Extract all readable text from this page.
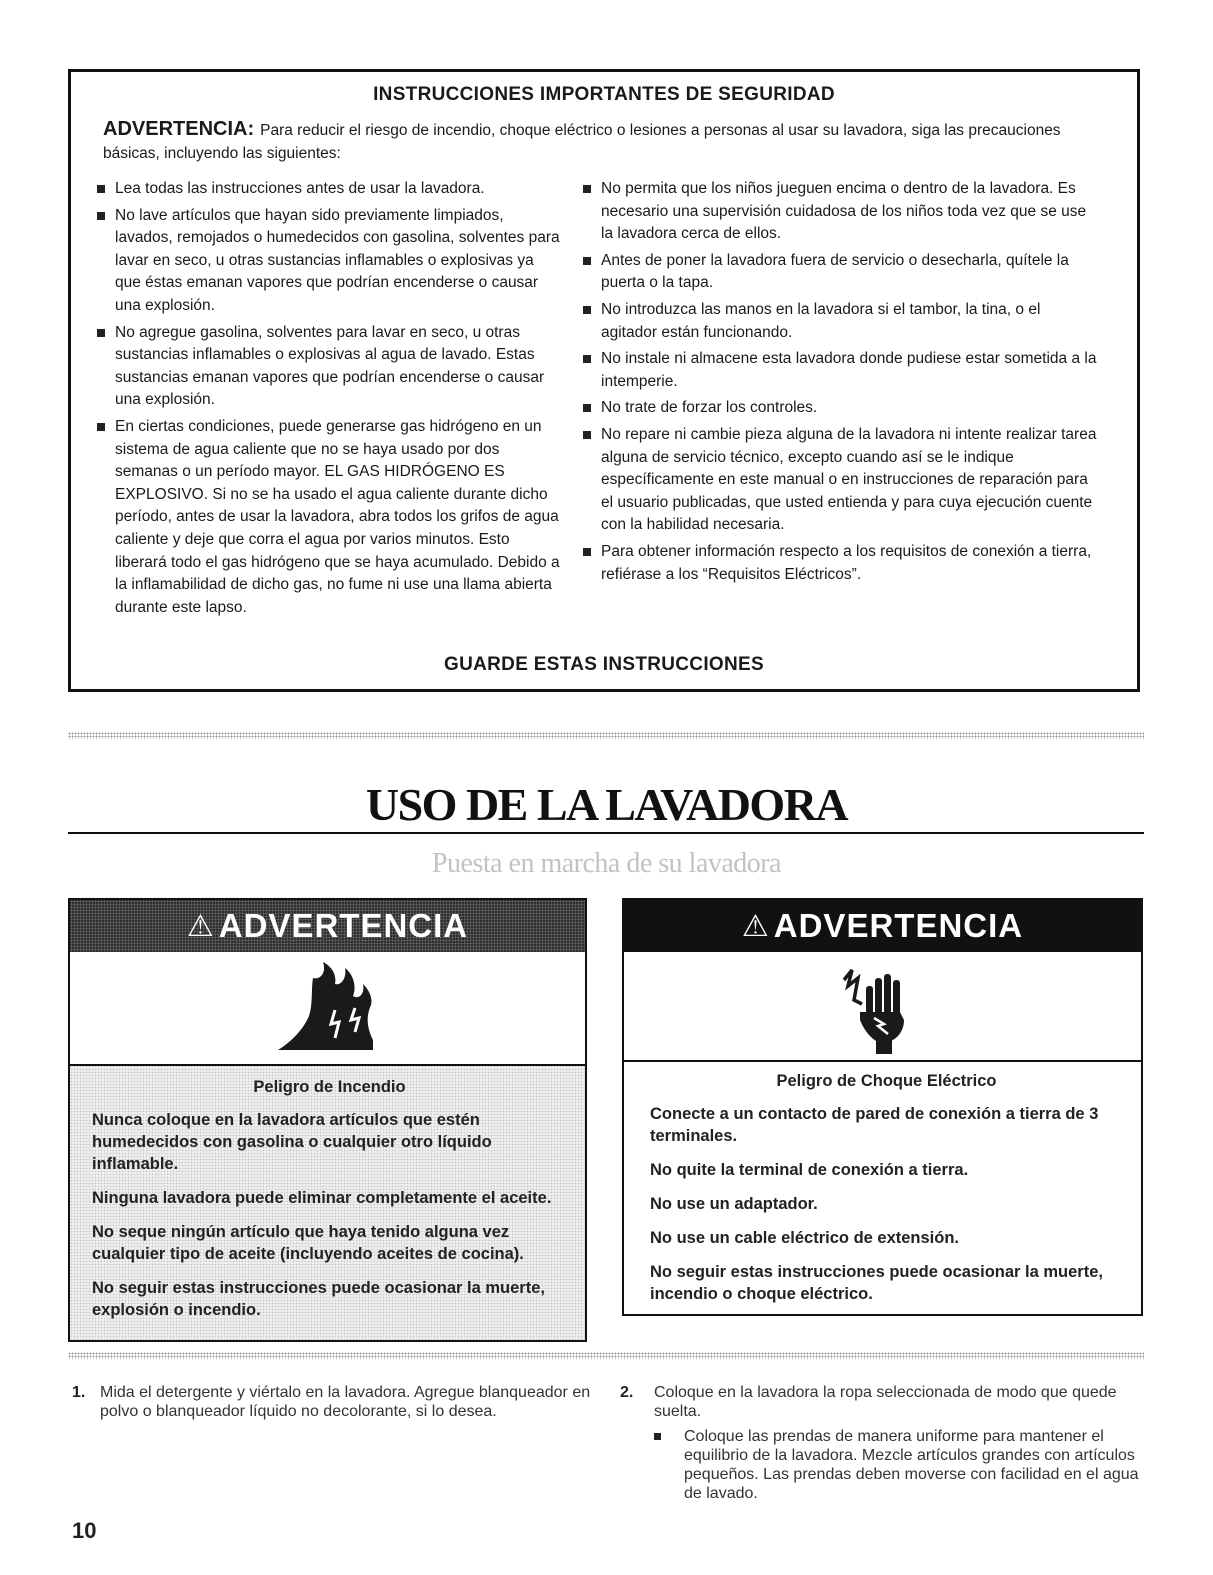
INSTRUCCIONES IMPORTANTES DE SEGURIDAD
ADVERTENCIA: Para reducir el riesgo de incendio, choque eléctrico o lesiones a personas al usar su lavadora, siga las precauciones básicas, incluyendo las siguientes:
Lea todas las instrucciones antes de usar la lavadora.
No lave artículos que hayan sido previamente limpiados, lavados, remojados o humedecidos con gasolina, solventes para lavar en seco, u otras sustancias inflamables o explosivas ya que éstas emanan vapores que podrían encenderse o causar una explosión.
No agregue gasolina, solventes para lavar en seco, u otras sustancias inflamables o explosivas al agua de lavado. Estas sustancias emanan vapores que podrían encenderse o causar una explosión.
En ciertas condiciones, puede generarse gas hidrógeno en un sistema de agua caliente que no se haya usado por dos semanas o un período mayor. EL GAS HIDRÓGENO ES EXPLOSIVO. Si no se ha usado el agua caliente durante dicho período, antes de usar la lavadora, abra todos los grifos de agua caliente y deje que corra el agua por varios minutos. Esto liberará todo el gas hidrógeno que se haya acumulado. Debido a la inflamabilidad de dicho gas, no fume ni use una llama abierta durante este lapso.
No permita que los niños jueguen encima o dentro de la lavadora. Es necesario una supervisión cuidadosa de los niños toda vez que se use la lavadora cerca de ellos.
Antes de poner la lavadora fuera de servicio o desecharla, quítele la puerta o la tapa.
No introduzca las manos en la lavadora si el tambor, la tina, o el agitador están funcionando.
No instale ni almacene esta lavadora donde pudiese estar sometida a la intemperie.
No trate de forzar los controles.
No repare ni cambie pieza alguna de la lavadora ni intente realizar tarea alguna de servicio técnico, excepto cuando así se le indique específicamente en este manual o en instrucciones de reparación para el usuario publicadas, que usted entienda y para cuya ejecución cuente con la habilidad necesaria.
Para obtener información respecto a los requisitos de conexión a tierra, refiérase a los “Requisitos Eléctricos”.
GUARDE ESTAS INSTRUCCIONES
USO DE LA LAVADORA
Puesta en marcha de su lavadora
⚠ ADVERTENCIA
Peligro de Incendio
Nunca coloque en la lavadora artículos que estén humedecidos con gasolina o cualquier otro líquido inflamable.
Ninguna lavadora puede eliminar completamente el aceite.
No seque ningún artículo que haya tenido alguna vez cualquier tipo de aceite (incluyendo aceites de cocina).
No seguir estas instrucciones puede ocasionar la muerte, explosión o incendio.
⚠ ADVERTENCIA
Peligro de Choque Eléctrico
Conecte a un contacto de pared de conexión a tierra de 3 terminales.
No quite la terminal de conexión a tierra.
No use un adaptador.
No use un cable eléctrico de extensión.
No seguir estas instrucciones puede ocasionar la muerte, incendio o choque eléctrico.
1. Mida el detergente y viértalo en la lavadora. Agregue blanqueador en polvo o blanqueador líquido no decolorante, si lo desea.
2. Coloque en la lavadora la ropa seleccionada de modo que quede suelta.
Coloque las prendas de manera uniforme para mantener el equilibrio de la lavadora. Mezcle artículos grandes con artículos pequeños. Las prendas deben moverse con facilidad en el agua de lavado.
10
